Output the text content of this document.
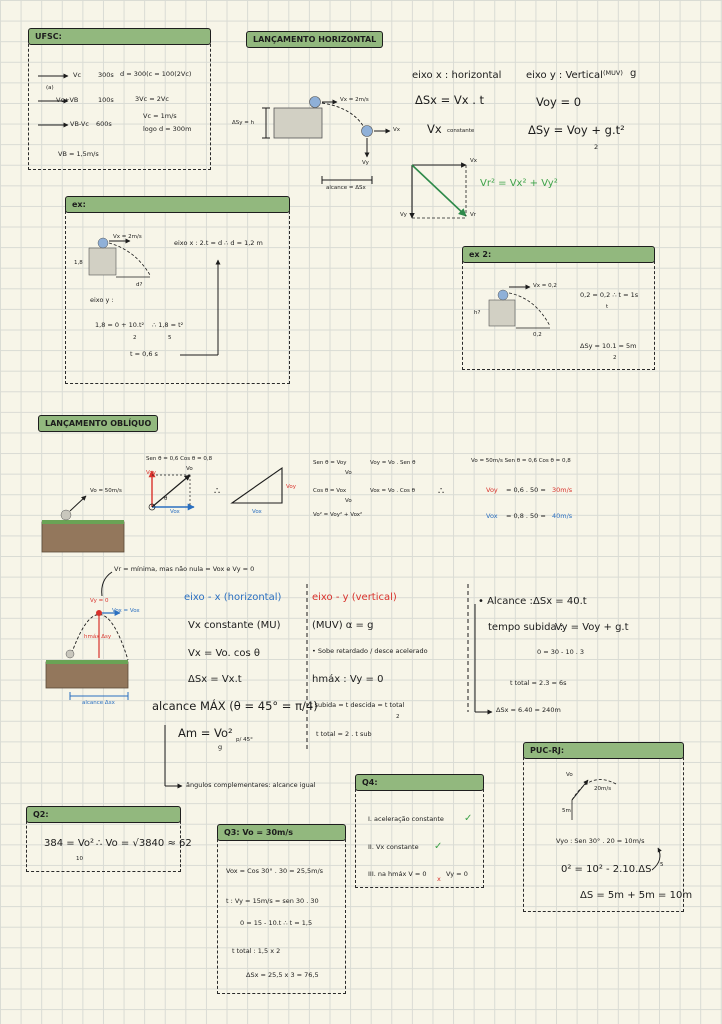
LANÇAMENTO HORIZONTAL
UFSC:
Vc	300s d = 300(c = 100(2Vc)
(a)
Vc+VB	100s	3Vc = 2Vc
VB-Vc 600s
Vc = 1m/s
logo d = 300m
VB = 1,5m/s
Vx = 2m/s
Vx
Vy
ΔSy = h
alcance = ΔSx
eixo x : horizontal
ΔSx = Vx . t
Vx constante
eixo y : Vertical (MUV) g
Voy = 0
ΔSy = Voy + g.t²
2
Vx
Vy	Vr
Vr² = Vx² + Vy²
ex:
Vx = 2m/s
1,8
d?
eixo x : 2.t = d ∴ d = 1,2 m
eixo y :
1,8 = 0 + 10.t²
2
∴ 1,8 = t²
5
t = 0,6 s
ex 2:
Vx = 0,2
h?
0,2
0,2 = 0,2 ∴ t = 1s
t
ΔSy = 10.1 = 5m
2
LANÇAMENTO OBLÍQUO
Vo = 50m/s
Sen θ = 0,6 Cos θ = 0,8
Voy
Vo
Vox
θ
∴	Voy
Vox
Sen θ = Voy
Vo
Voy = Vo . Sen θ
Cos θ = Vox
Vo
Vox = Vo . Cos θ
Vo² = Voy² + Vox²
∴
Vo = 50m/s Sen θ = 0,6 Cos θ = 0,8
Voy = 0,6 . 50 = 30m/s
Vox = 0,8 . 50 = 40m/s
Vr = mínima, mas não nula = Vox e Vy = 0
Vy = 0
Vox = Vox
hmáx Δsy
alcance Δsx
eixo - x (horizontal)
Vx constante (MU)
Vx = Vo. cos θ
ΔSx = Vx.t
alcance MÁX (θ = 45° = π/4)
Am = Vo²
g
p/ 45°
ângulos complementares: alcance igual
eixo - y (vertical)
(MUV) α = g
• Sobe retardado / desce acelerado
hmáx : Vy = 0
t subida = t descida = t total
2
t total = 2 . t sub
• Alcance : ΔSx = 40.t
tempo subida :
Vy = Voy + g.t
0 = 30 - 10 . 3
t total = 2.3 = 6s
ΔSx = 6.40 = 240m
Q2:
384 = Vo²
10
∴ Vo = √3840 ≈ 62
Q3: Vo = 30m/s
Vox = Cos 30° . 30 = 25,5m/s
t : Vy = 15m/s = sen 30 . 30
0 = 15 - 10.t ∴ t = 1,5
t total : 1,5 x 2
ΔSx = 25,5 x 3 = 76,5
Q4:
I. aceleração constante ✓
II. Vx constante ✓
III. na hmáx V = 0
x
Vy = 0
PUC-RJ:
Vo
20m/s
5m
Vyo : Sen 30° . 20 = 10m/s
0² = 10² - 2.10.ΔS 5
ΔS = 5m + 5m = 10m
